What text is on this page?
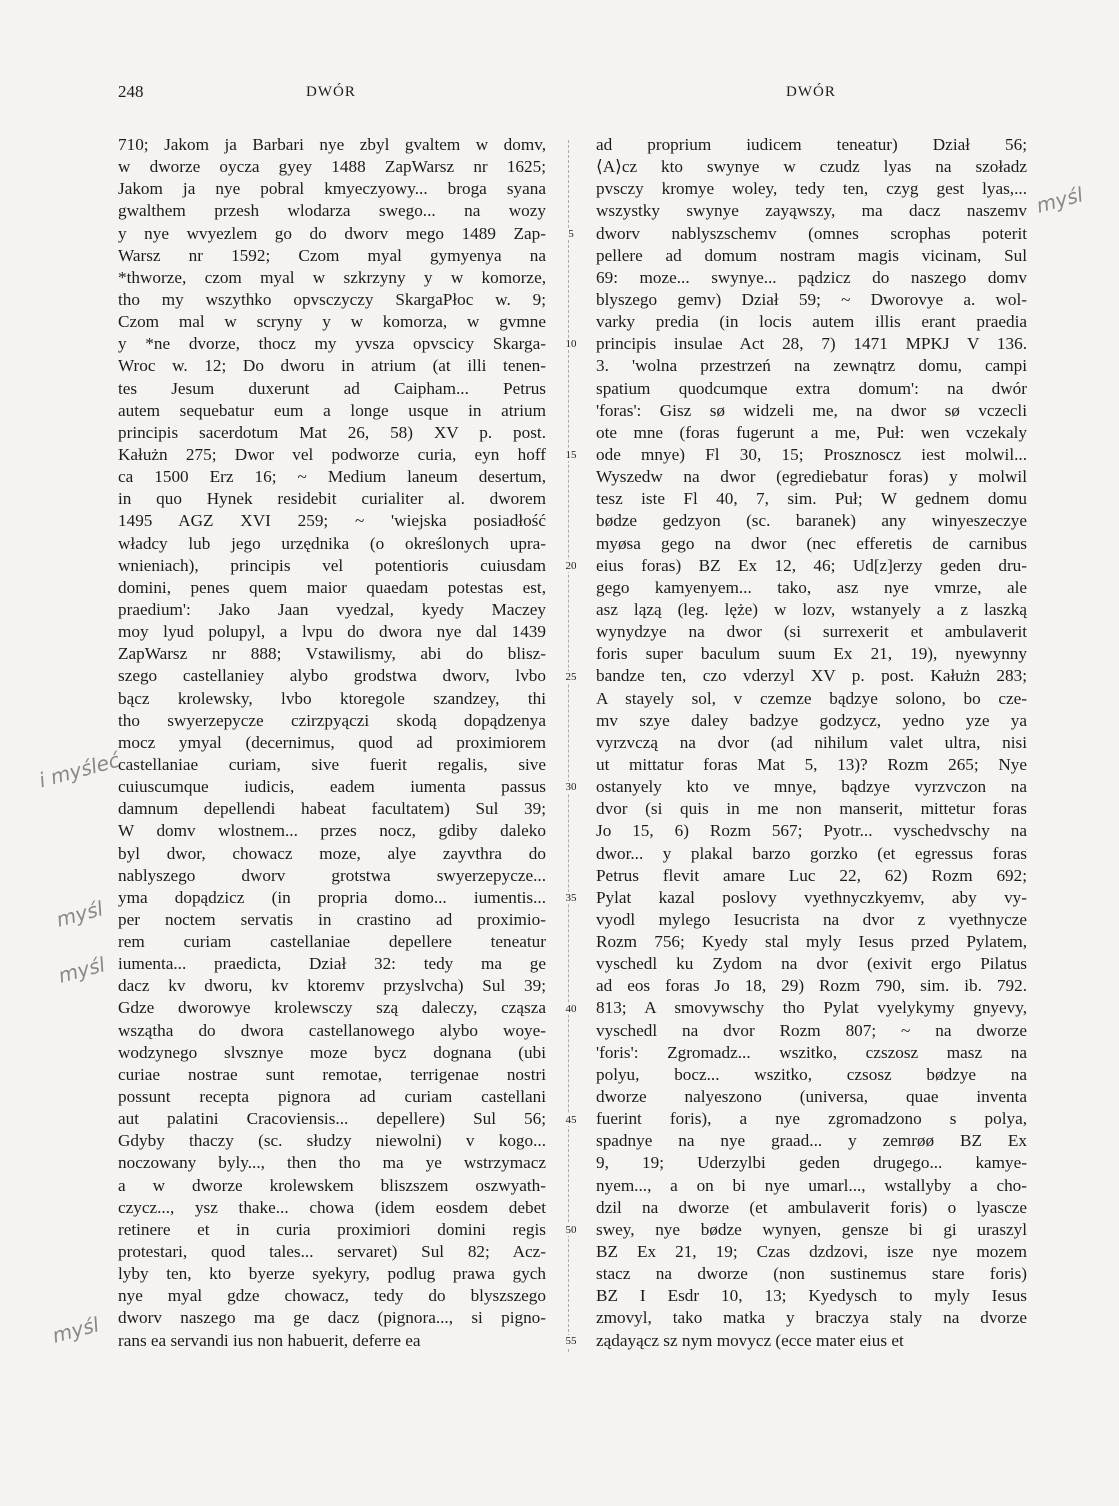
248	DWÓR	DWÓR
710; Jakom ja Barbari nye zbyl gvaltem w domv,
w dworze oycza gyey 1488 ZapWarsz nr 1625;
Jakom ja nye pobral kmyeczyowy... broga syana
gwalthem przesh wlodarza swego... na wozy
y nye wvyezlem go do dworv mego 1489 Zap-
Warsz nr 1592; Czom myal gymyenya na
*thworze, czom myal w szkrzyny y w komorze,
tho my wszythko opvsczyczy SkargaPłoc w. 9;
Czom mal w scryny y w komorza, w gvmne
y *ne dvorze, thocz my yvsza opvscicy Skarga-
Wroc w. 12; Do dworu in atrium (at illi tenen-
tes Jesum duxerunt ad Caipham... Petrus
autem sequebatur eum a longe usque in atrium
principis sacerdotum Mat 26, 58) XV p. post.
Kałużn 275; Dwor vel podworze curia, eyn hoff
ca 1500 Erz 16; ~ Medium laneum desertum,
in quo Hynek residebit curialiter al. dworem
1495 AGZ XVI 259; ~ 'wiejska posiadłość
władcy lub jego urzędnika (o określonych upra-
wnieniach), principis vel potentioris cuiusdam
domini, penes quem maior quaedam potestas est,
praedium': Jako Jaan vyedzal, kyedy Maczey
moy lyud polupyl, a lvpu do dwora nye dal 1439
ZapWarsz nr 888; Vstawilismy, abi do blisz-
szego castellaniey alybo grodstwa dworv, lvbo
bącz krolewsky, lvbo ktoregole szandzey, thi
tho swyerzepycze czirzpyączi skodą dopądzenya
mocz ymyal (decernimus, quod ad proximiorem
castellaniae curiam, sive fuerit regalis, sive
cuiuscumque iudicis, eadem iumenta passus
damnum depellendi habeat facultatem) Sul 39;
W domv wlostnem... przes nocz, gdiby daleko
byl dwor, chowacz moze, alye zayvthra do
nablyszego dworv grotstwa swyerzepycze...
yma dopądzicz (in propria domo... iumentis...
per noctem servatis in crastino ad proximio-
rem curiam castellaniae depellere teneatur
iumenta... praedicta, Dział 32: tedy ma ge
dacz kv dworu, kv ktoremv przyslvcha) Sul 39;
Gdze dworowye krolewsczy szą daleczy, cząsza
wszątha do dwora castellanowego alybo woye-
wodzynego slvsznye moze bycz dognana (ubi
curiae nostrae sunt remotae, terrigenae nostri
possunt recepta pignora ad curiam castellani
aut palatini Cracoviensis... depellere) Sul 56;
Gdyby thaczy (sc. słudzy niewolni) v kogo...
noczowany byly..., then tho ma ye wstrzymacz
a w dworze krolewskem bliszszem oszwyath-
czycz..., ysz thake... chowa (idem eosdem debet
retinere et in curia proximiori domini regis
protestari, quod tales... servaret) Sul 82; Acz-
lyby ten, kto byerze syekyry, podlug prawa gych
nye myal gdze chowacz, tedy do blyszszego
dworv naszego ma ge dacz (pignora..., si pigno-
rans ea servandi ius non habuerit, deferre ea
5
10
15
20
25
30
35
40
45
50
55
ad proprium iudicem teneatur) Dział 56;
⟨A⟩cz kto swynye w czudz lyas na szoładz
pvsczy kromye woley, tedy ten, czyg gest lyas,...
wszystky swynye zayąwszy, ma dacz naszemv
dworv nablyszschemv (omnes scrophas poterit
pellere ad domum nostram magis vicinam, Sul
69: moze... swynye... pądzicz do naszego domv
blyszego gemv) Dział 59; ~ Dworovye a. wol-
varky predia (in locis autem illis erant praedia
principis insulae Act 28, 7) 1471 MPKJ V 136.
3. 'wolna przestrzeń na zewnątrz domu, campi
spatium quodcumque extra domum': na dwór
'foras': Gisz sø widzeli me, na dwor sø vczecli
ote mne (foras fugerunt a me, Puł: wen vczekaly
ode mnye) Fl 30, 15; Prosznoscz iest molwil...
Wyszedw na dwor (egrediebatur foras) y molwil
tesz iste Fl 40, 7, sim. Puł; W gednem domu
bødze gedzyon (sc. baranek) any winyeszeczye
myøsa gego na dwor (nec efferetis de carnibus
eius foras) BZ Ex 12, 46; Ud[z]erzy geden dru-
gego kamyenyem... tako, asz nye vmrze, ale
asz lązą (leg. lęże) w lozv, wstanyely a z laszką
wynydzye na dwor (si surrexerit et ambulaverit
foris super baculum suum Ex 21, 19), nyewynny
bandze ten, czo vderzyl XV p. post. Kałużn 283;
A stayely sol, v czemze bądzye solono, bo cze-
mv szye daley badzye godzycz, yedno yze ya
vyrzvczą na dvor (ad nihilum valet ultra, nisi
ut mittatur foras Mat 5, 13)? Rozm 265; Nye
ostanyely kto ve mnye, bądzye vyrzvczon na
dvor (si quis in me non manserit, mittetur foras
Jo 15, 6) Rozm 567; Pyotr... vyschedvschy na
dwor... y plakal barzo gorzko (et egressus foras
Petrus flevit amare Luc 22, 62) Rozm 692;
Pylat kazal poslovy vyethnyczkyemv, aby vy-
vyodl mylego Iesucrista na dvor z vyethnycze
Rozm 756; Kyedy stal myly Iesus przed Pylatem,
vyschedl ku Zydom na dvor (exivit ergo Pilatus
ad eos foras Jo 18, 29) Rozm 790, sim. ib. 792.
813; A smovywschy tho Pylat vyelykymy gnyevy,
vyschedl na dvor Rozm 807; ~ na dworze
'foris': Zgromadz... wszitko, czszosz masz na
polyu, bocz... wszitko, czsosz bødzye na
dworze nalyeszono (universa, quae inventa
fuerint foris), a nye zgromadzono s polya,
spadnye na nye graad... y zemrøø BZ Ex
9, 19; Uderzylbi geden drugego... kamye-
nyem..., a on bi nye umarl..., wstallyby a cho-
dzil na dworze (et ambulaverit foris) o lyascze
swey, nye bødze wynyen, gensze bi gi uraszyl
BZ Ex 21, 19; Czas dzdzovi, isze nye mozem
stacz na dworze (non sustinemus stare foris)
BZ I Esdr 10, 13; Kyedysch to myly Iesus
zmovyl, tako matka y braczya staly na dvorze
ządayącz sz nym movycz (ecce mater eius et
i myśleć
myśl
myśl
myśl
myśl
